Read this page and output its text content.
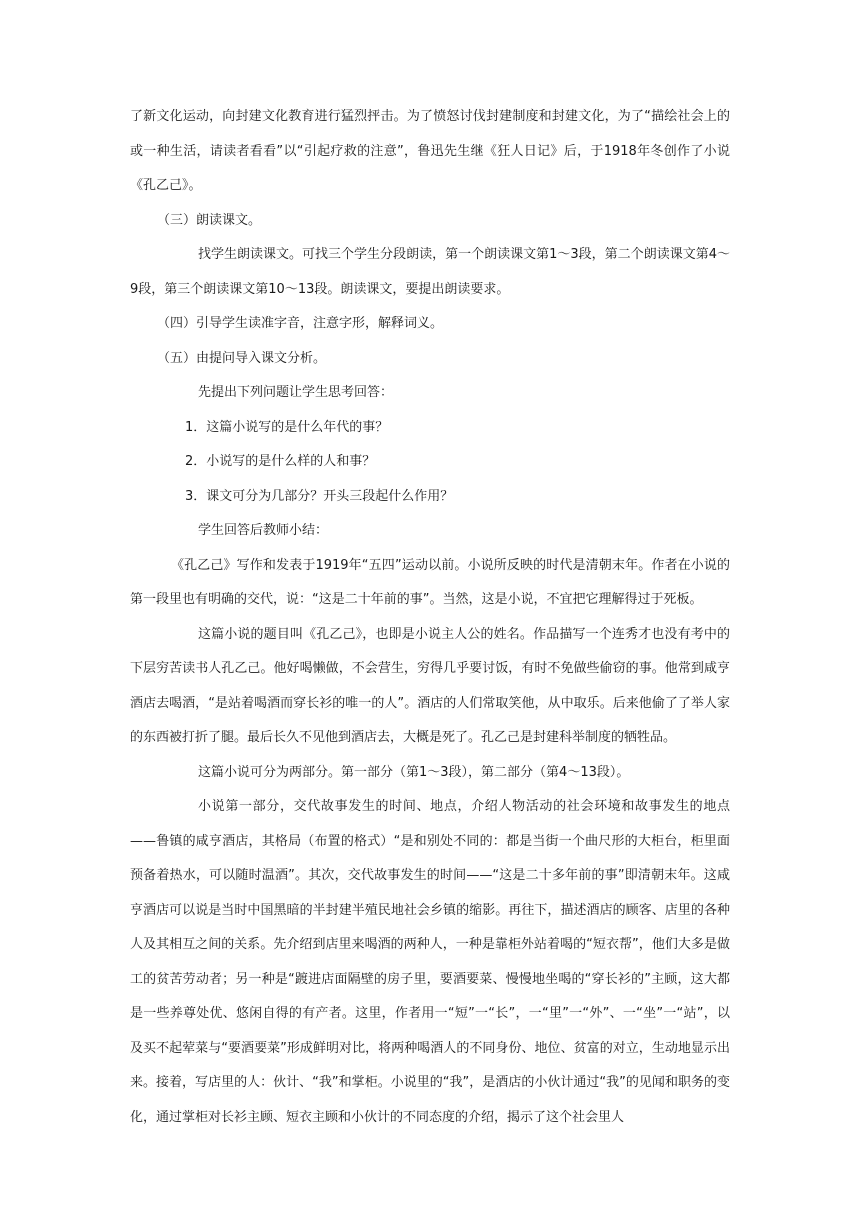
了新文化运动，向封建文化教育进行猛烈抨击。为了愤怒讨伐封建制度和封建文化，为了“描绘社会上的或一种生活，请读者看看”以“引起疗救的注意”，鲁迅先生继《狂人日记》后，于1918年冬创作了小说《孔乙己》。

（三）朗读课文。

找学生朗读课文。可找三个学生分段朗读，第一个朗读课文第1～3段，第二个朗读课文第4～9段，第三个朗读课文第10～13段。朗读课文，要提出朗读要求。

（四）引导学生读准字音，注意字形，解释词义。

（五）由提问导入课文分析。

先提出下列问题让学生思考回答：

1．这篇小说写的是什么年代的事？

2．小说写的是什么样的人和事？

3．课文可分为几部分？开头三段起什么作用？

学生回答后教师小结：

《孔乙己》写作和发表于1919年“五四”运动以前。小说所反映的时代是清朝末年。作者在小说的第一段里也有明确的交代，说：“这是二十年前的事”。当然，这是小说，不宜把它理解得过于死板。

这篇小说的题目叫《孔乙己》，也即是小说主人公的姓名。作品描写一个连秀才也没有考中的下层穷苦读书人孔乙己。他好喝懒做，不会营生，穷得几乎要讨饭，有时不免做些偷窃的事。他常到咸亨酒店去喝酒，“是站着喝酒而穿长衫的唯一的人”。酒店的人们常取笑他，从中取乐。后来他偷了了举人家的东西被打折了腿。最后长久不见他到酒店去，大概是死了。孔乙己是封建科举制度的牺牲品。

这篇小说可分为两部分。第一部分（第1～3段），第二部分（第4～13段）。

小说第一部分，交代故事发生的时间、地点，介绍人物活动的社会环境和故事发生的地点——鲁镇的咸亨酒店，其格局（布置的格式）“是和别处不同的：都是当街一个曲尺形的大柜台，柜里面预备着热水，可以随时温酒”。其次，交代故事发生的时间——“这是二十多年前的事”即清朝末年。这咸亨酒店可以说是当时中国黑暗的半封建半殖民地社会乡镇的缩影。再往下，描述酒店的顾客、店里的各种人及其相互之间的关系。先介绍到店里来喝酒的两种人，一种是靠柜外站着喝的“短衣帮”，他们大多是做工的贫苦劳动者；另一种是“踱进店面隔壁的房子里，要酒要菜、慢慢地坐喝的“穿长衫的”主顾，这大都是一些养尊处优、悠闲自得的有产者。这里，作者用一“短”一“长”，一“里”一“外”、一“坐”一“站”，以及买不起荤菜与“要酒要菜”形成鲜明对比，将两种喝酒人的不同身份、地位、贫富的对立，生动地显示出来。接着，写店里的人：伙计、“我”和掌柜。小说里的“我”，是酒店的小伙计通过“我”的见闻和职务的变化，通过掌柜对长衫主顾、短衣主顾和小伙计的不同态度的介绍，揭示了这个社会里人
